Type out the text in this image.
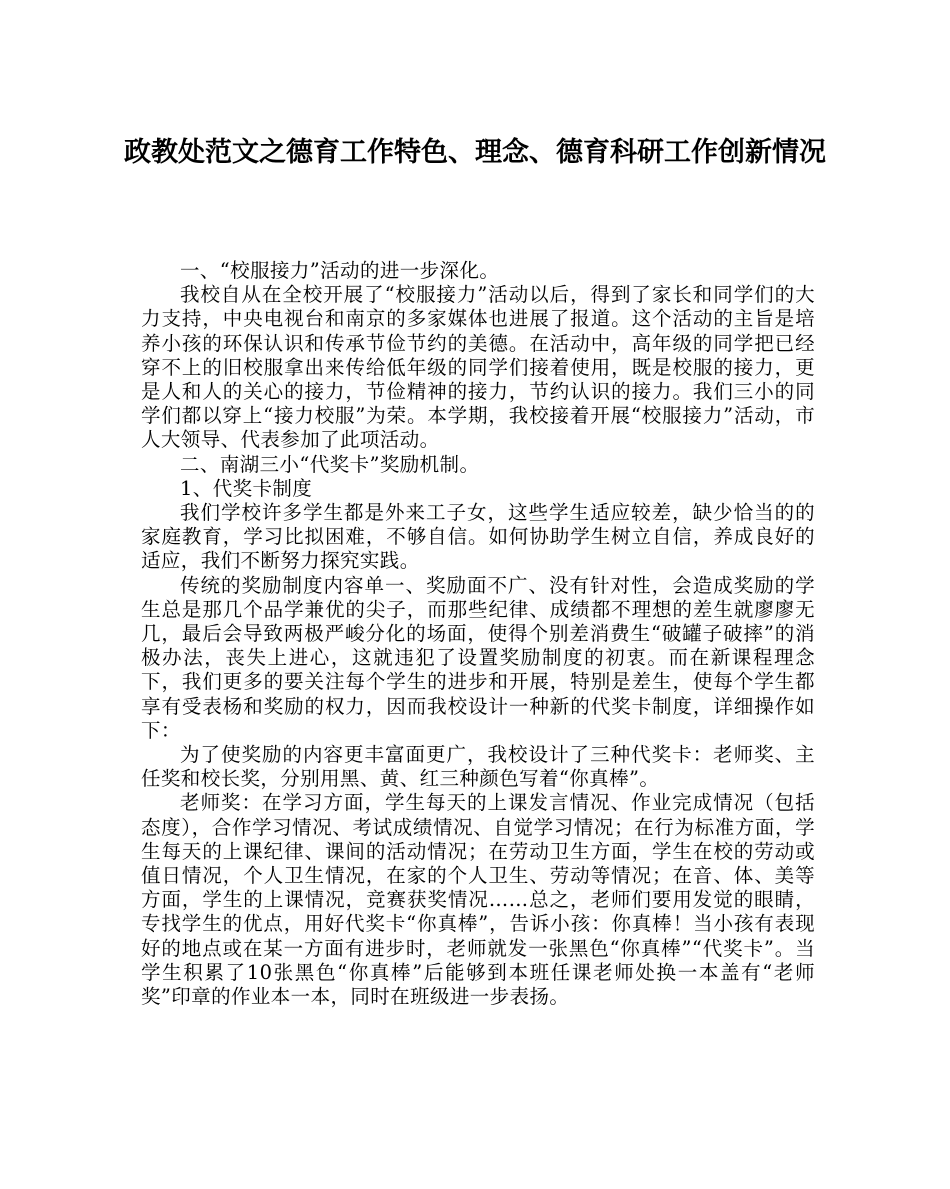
政教处范文之德育工作特色、理念、德育科研工作创新情况

一、“校服接力”活动的进一步深化。

我校自从在全校开展了“校服接力”活动以后，得到了家长和同学们的大力支持，中央电视台和南京的多家媒体也进展了报道。这个活动的主旨是培养小孩的环保认识和传承节俭节约的美德。在活动中，高年级的同学把已经穿不上的旧校服拿出来传给低年级的同学们接着使用，既是校服的接力，更是人和人的关心的接力，节俭精神的接力，节约认识的接力。我们三小的同学们都以穿上“接力校服”为荣。本学期，我校接着开展“校服接力”活动，市人大领导、代表参加了此项活动。

二、南湖三小“代奖卡”奖励机制。

1、代奖卡制度

我们学校许多学生都是外来工子女，这些学生适应较差，缺少恰当的的家庭教育，学习比拟困难，不够自信。如何协助学生树立自信，养成良好的适应，我们不断努力探究实践。

传统的奖励制度内容单一、奖励面不广、没有针对性，会造成奖励的学生总是那几个品学兼优的尖子，而那些纪律、成绩都不理想的差生就廖廖无几，最后会导致两极严峻分化的场面，使得个别差消费生“破罐子破摔”的消极办法，丧失上进心，这就违犯了设置奖励制度的初衷。而在新课程理念下，我们更多的要关注每个学生的进步和开展，特别是差生，使每个学生都享有受表杨和奖励的权力，因而我校设计一种新的代奖卡制度，详细操作如下：

为了使奖励的内容更丰富面更广，我校设计了三种代奖卡：老师奖、主任奖和校长奖，分别用黑、黄、红三种颜色写着“你真棒”。

老师奖：在学习方面，学生每天的上课发言情况、作业完成情况（包括态度），合作学习情况、考试成绩情况、自觉学习情况；在行为标准方面，学生每天的上课纪律、课间的活动情况；在劳动卫生方面，学生在校的劳动或值日情况，个人卫生情况，在家的个人卫生、劳动等情况；在音、体、美等方面，学生的上课情况，竞赛获奖情况……总之，老师们要用发觉的眼睛，专找学生的优点，用好代奖卡“你真棒”，告诉小孩：你真棒！当小孩有表现好的地点或在某一方面有进步时，老师就发一张黑色“你真棒”“代奖卡”。当学生积累了10张黑色“你真棒”后能够到本班任课老师处换一本盖有“老师奖”印章的作业本一本，同时在班级进一步表扬。
